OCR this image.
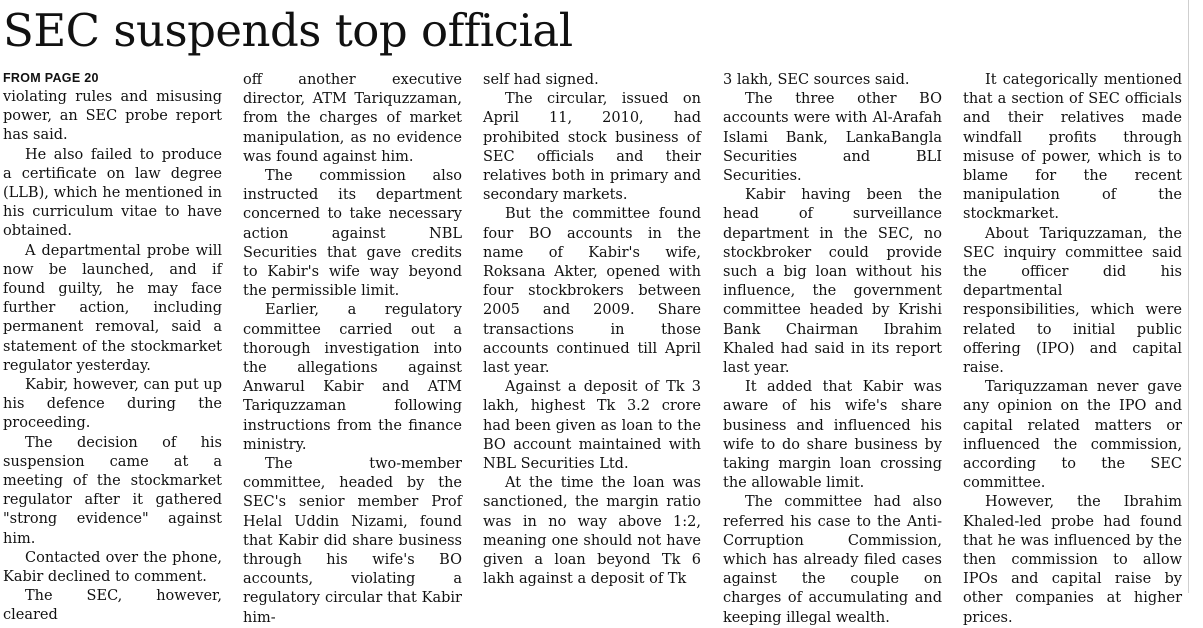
SEC suspends top official
FROM PAGE 20

violating rules and misusing power, an SEC probe report has said.

He also failed to produce a certificate on law degree (LLB), which he mentioned in his curriculum vitae to have obtained.

A departmental probe will now be launched, and if found guilty, he may face further action, including permanent removal, said a statement of the stockmarket regulator yesterday.

Kabir, however, can put up his defence during the proceeding.

The decision of his suspension came at a meeting of the stockmarket regulator after it gathered "strong evidence" against him.

Contacted over the phone, Kabir declined to comment.

The SEC, however, cleared

off another executive director, ATM Tariquzzaman, from the charges of market manipulation, as no evidence was found against him.

The commission also instructed its department concerned to take necessary action against NBL Securities that gave credits to Kabir's wife way beyond the permissible limit.

Earlier, a regulatory committee carried out a thorough investigation into the allegations against Anwarul Kabir and ATM Tariquzzaman following instructions from the finance ministry.

The two-member committee, headed by the SEC's senior member Prof Helal Uddin Nizami, found that Kabir did share business through his wife's BO accounts, violating a regulatory circular that Kabir him-

self had signed.

The circular, issued on April 11, 2010, had prohibited stock business of SEC officials and their relatives both in primary and secondary markets.

But the committee found four BO accounts in the name of Kabir's wife, Roksana Akter, opened with four stockbrokers between 2005 and 2009. Share transactions in those accounts continued till April last year.

Against a deposit of Tk 3 lakh, highest Tk 3.2 crore had been given as loan to the BO account maintained with NBL Securities Ltd.

At the time the loan was sanctioned, the margin ratio was in no way above 1:2, meaning one should not have given a loan beyond Tk 6 lakh against a deposit of Tk

3 lakh, SEC sources said.

The three other BO accounts were with Al-Arafah Islami Bank, LankaBangla Securities and BLI Securities.

Kabir having been the head of surveillance department in the SEC, no stockbroker could provide such a big loan without his influence, the government committee headed by Krishi Bank Chairman Ibrahim Khaled had said in its report last year.

It added that Kabir was aware of his wife's share business and influenced his wife to do share business by taking margin loan crossing the allowable limit.

The committee had also referred his case to the Anti-Corruption Commission, which has already filed cases against the couple on charges of accumulating and keeping illegal wealth.

It categorically mentioned that a section of SEC officials and their relatives made windfall profits through misuse of power, which is to blame for the recent manipulation of the stockmarket.

About Tariquzzaman, the SEC inquiry committee said the officer did his departmental responsibilities, which were related to initial public offering (IPO) and capital raise.

Tariquzzaman never gave any opinion on the IPO and capital related matters or influenced the commission, according to the SEC committee.

However, the Ibrahim Khaled-led probe had found that he was influenced by the then commission to allow IPOs and capital raise by other companies at higher prices.
